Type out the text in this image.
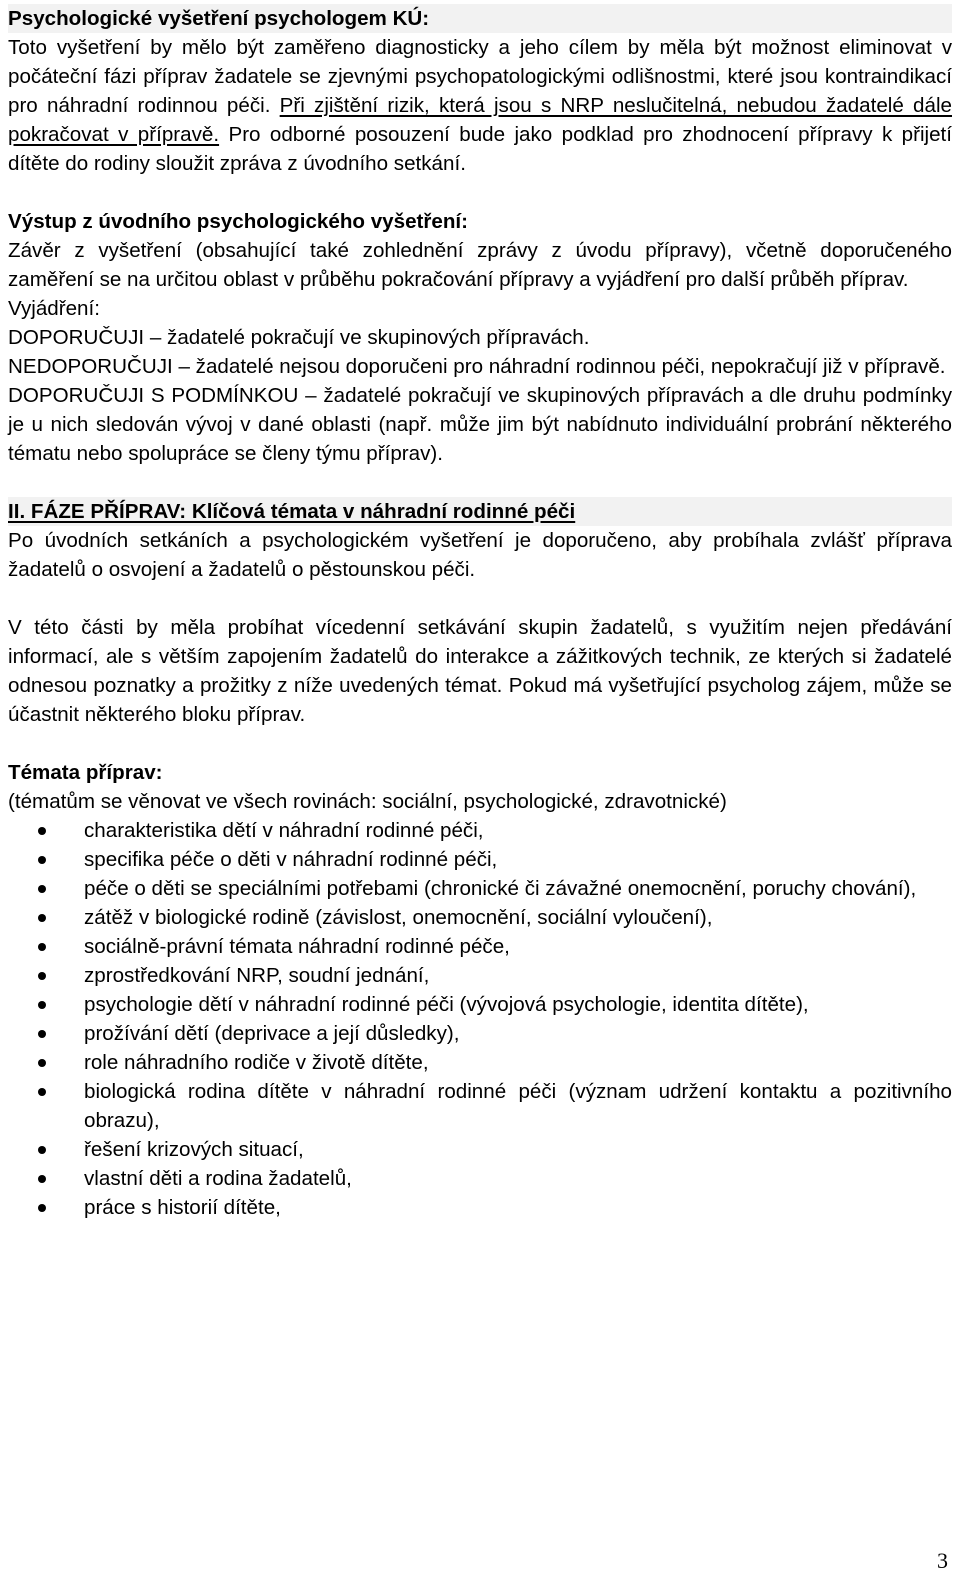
Psychologické vyšetření psychologem KÚ:

Toto vyšetření by mělo být zaměřeno diagnosticky a jeho cílem by měla být možnost eliminovat v počáteční fázi příprav žadatele se zjevnými psychopatologickými odlišnostmi, které jsou kontraindikací pro náhradní rodinnou péči. Při zjištění rizik, která jsou s NRP neslučitelná, nebudou žadatelé dále pokračovat v přípravě. Pro odborné posouzení bude jako podklad pro zhodnocení přípravy k přijetí dítěte do rodiny sloužit zpráva z úvodního setkání.

Výstup z úvodního psychologického vyšetření:

Závěr z vyšetření (obsahující také zohlednění zprávy z úvodu přípravy), včetně doporučeného zaměření se na určitou oblast v průběhu pokračování přípravy a vyjádření pro další průběh příprav.

Vyjádření:

DOPORUČUJI – žadatelé pokračují ve skupinových přípravách.

NEDOPORUČUJI – žadatelé nejsou doporučeni pro náhradní rodinnou péči, nepokračují již v přípravě.

DOPORUČUJI S PODMÍNKOU – žadatelé pokračují ve skupinových přípravách a dle druhu podmínky je u nich sledován vývoj v dané oblasti (např. může jim být nabídnuto individuální probrání některého tématu nebo spolupráce se členy týmu příprav).

II. FÁZE PŘÍPRAV: Klíčová témata v náhradní rodinné péči

Po úvodních setkáních a psychologickém vyšetření je doporučeno, aby probíhala zvlášť příprava žadatelů o osvojení a žadatelů o pěstounskou péči.

V této části by měla probíhat vícedenní setkávání skupin žadatelů, s využitím nejen předávání informací, ale s větším zapojením žadatelů do interakce a zážitkových technik, ze kterých si žadatelé odnesou poznatky a prožitky z níže uvedených témat. Pokud má vyšetřující psycholog zájem, může se účastnit některého bloku příprav.

Témata příprav:

(tématům se věnovat ve všech rovinách: sociální, psychologické, zdravotnické)

charakteristika dětí v náhradní rodinné péči,
specifika péče o děti v náhradní rodinné péči,
péče o děti se speciálními potřebami (chronické či závažné onemocnění, poruchy chování),
zátěž v biologické rodině (závislost, onemocnění, sociální vyloučení),
sociálně-právní témata náhradní rodinné péče,
zprostředkování NRP, soudní jednání,
psychologie dětí v náhradní rodinné péči (vývojová psychologie, identita dítěte),
prožívání dětí (deprivace a její důsledky),
role náhradního rodiče v životě dítěte,
biologická rodina dítěte v náhradní rodinné péči (význam udržení kontaktu a pozitivního obrazu),
řešení krizových situací,
vlastní děti a rodina žadatelů,
práce s historií dítěte,
3
